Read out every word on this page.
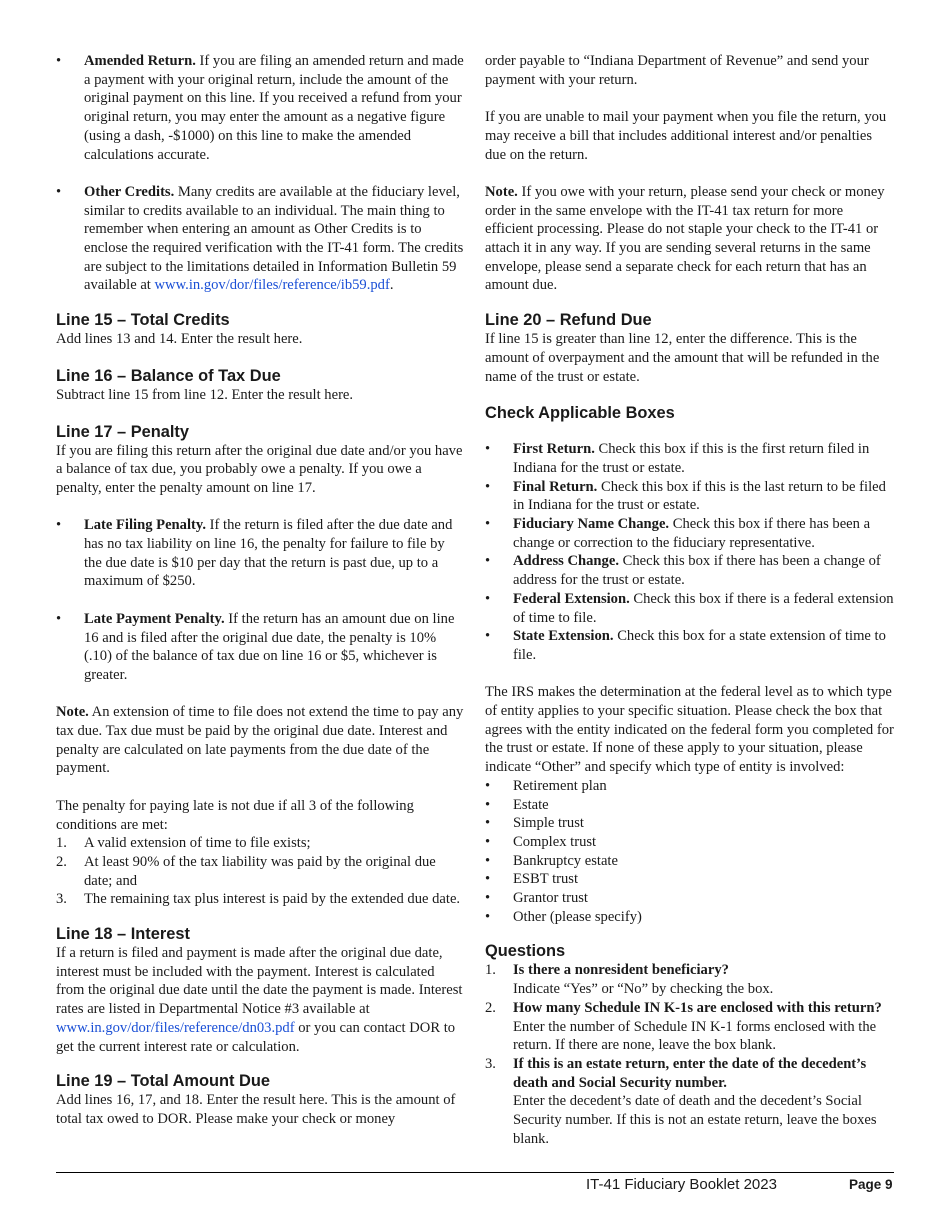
• Amended Return. If you are filing an amended return and made a payment with your original return, include the amount of the original payment on this line. If you received a refund from your original return, you may enter the amount as a negative figure (using a dash, -$1000) on this line to make the amended calculations accurate.
• Other Credits. Many credits are available at the fiduciary level, similar to credits available to an individual. The main thing to remember when entering an amount as Other Credits is to enclose the required verification with the IT-41 form. The credits are subject to the limitations detailed in Information Bulletin 59 available at www.in.gov/dor/files/reference/ib59.pdf.
Line 15 – Total Credits

Add lines 13 and 14. Enter the result here.

Line 16 – Balance of Tax Due

Subtract line 15 from line 12. Enter the result here.

Line 17 – Penalty

If you are filing this return after the original due date and/or you have a balance of tax due, you probably owe a penalty. If you owe a penalty, enter the penalty amount on line 17.

• Late Filing Penalty. If the return is filed after the due date and has no tax liability on line 16, the penalty for failure to file by the due date is $10 per day that the return is past due, up to a maximum of $250.
• Late Payment Penalty. If the return has an amount due on line 16 and is filed after the original due date, the penalty is 10% (.10) of the balance of tax due on line 16 or $5, whichever is greater.

Note. An extension of time to file does not extend the time to pay any tax due. Tax due must be paid by the original due date. Interest and penalty are calculated on late payments from the due date of the payment.

The penalty for paying late is not due if all 3 of the following conditions are met:

1. A valid extension of time to file exists;
2. At least 90% of the tax liability was paid by the original due date; and
3. The remaining tax plus interest is paid by the extended due date.
Line 18 – Interest

If a return is filed and payment is made after the original due date, interest must be included with the payment. Interest is calculated from the original due date until the date the payment is made. Interest rates are listed in Departmental Notice #3 available at www.in.gov/dor/files/reference/dn03.pdf or you can contact DOR to get the current interest rate or calculation.

Line 19 – Total Amount Due

Add lines 16, 17, and 18. Enter the result here. This is the amount of total tax owed to DOR. Please make your check or money

order payable to “Indiana Department of Revenue” and send your payment with your return.

If you are unable to mail your payment when you file the return, you may receive a bill that includes additional interest and/or penalties due on the return.

Note. If you owe with your return, please send your check or money order in the same envelope with the IT-41 tax return for more efficient processing. Please do not staple your check to the IT-41 or attach it in any way. If you are sending several returns in the same envelope, please send a separate check for each return that has an amount due.

Line 20 – Refund Due

If line 15 is greater than line 12, enter the difference. This is the amount of overpayment and the amount that will be refunded in the name of the trust or estate.

Check Applicable Boxes
• First Return. Check this box if this is the first return filed in Indiana for the trust or estate.
• Final Return. Check this box if this is the last return to be filed in Indiana for the trust or estate.
• Fiduciary Name Change. Check this box if there has been a change or correction to the fiduciary representative.
• Address Change. Check this box if there has been a change of address for the trust or estate.
• Federal Extension. Check this box if there is a federal extension of time to file.
• State Extension. Check this box for a state extension of time to file.

The IRS makes the determination at the federal level as to which type of entity applies to your specific situation. Please check the box that agrees with the entity indicated on the federal form you completed for the trust or estate. If none of these apply to your situation, please indicate “Other” and specify which type of entity is involved:

• Retirement plan
• Estate
• Simple trust
• Complex trust
• Bankruptcy estate
• ESBT trust
• Grantor trust
• Other (please specify)
Questions
1. Is there a nonresident beneficiary?
Indicate “Yes” or “No” by checking the box.
2. How many Schedule IN K-1s are enclosed with this return?
Enter the number of Schedule IN K-1 forms enclosed with the return. If there are none, leave the box blank.
3. If this is an estate return, enter the date of the decedent’s death and Social Security number.
Enter the decedent’s date of death and the decedent’s Social Security number. If this is not an estate return, leave the boxes blank.
IT-41 Fiduciary Booklet 2023	Page 9
